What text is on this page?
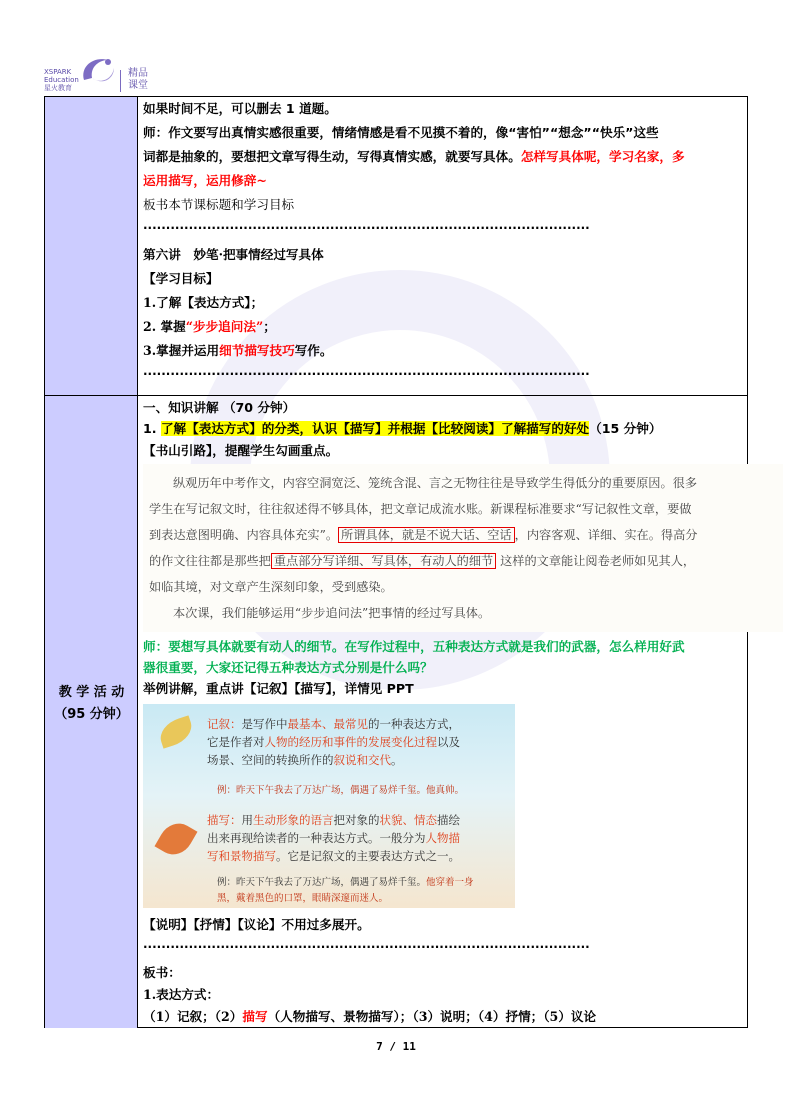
XSPARK
Education
星火教育
精品
课堂

如果时间不足，可以删去 1 道题。

师：作文要写出真情实感很重要，情绪情感是看不见摸不着的，像“害怕”“想念”“快乐”这些

词都是抽象的，要想把文章写得生动，写得真情实感，就要写具体。怎样写具体呢，学习名家，多

运用描写，运用修辞~

板书本节课标题和学习目标

··································································································

第六讲　妙笔·把事情经过写具体

【学习目标】

1.了解【表达方式】；

2. 掌握“步步追问法”；

3.掌握并运用细节描写技巧写作。

··································································································

教 学 活 动
（95 分钟）

一、知识讲解 （70 分钟）

1. 了解【表达方式】的分类，认识【描写】并根据【比较阅读】了解描写的好处（15 分钟）

【书山引路】，提醒学生勾画重点。

纵观历年中考作文，内容空洞宽泛、笼统含混、言之无物往往是导致学生得低分的重要原因。很多

学生在写记叙文时，往往叙述得不够具体，把文章记成流水账。新课程标准要求“写记叙性文章，要做

到表达意图明确、内容具体充实”。 所谓具体，就是不说大话、空话 ，内容客观、详细、实在。得高分

的作文往往都是那些把 重点部分写详细、写具体，有动人的细节 这样的文章能让阅卷老师如见其人，

如临其境，对文章产生深刻印象，受到感染。

本次课，我们能够运用“步步追问法”把事情的经过写具体。

师：要想写具体就要有动人的细节。在写作过程中，五种表达方式就是我们的武器，怎么样用好武

器很重要，大家还记得五种表达方式分别是什么吗？

举例讲解，重点讲【记叙】【描写】，详情见 PPT

记叙：是写作中最基本、最常见的一种表达方式，
它是作者对人物的经历和事件的发展变化过程以及
场景、空间的转换所作的叙说和交代。
例：昨天下午我去了万达广场，偶遇了易烊千玺。他真帅。
描写：用生动形象的语言把对象的状貌、情态描绘
出来再现给读者的一种表达方式。一般分为人物描
写和景物描写。它是记叙文的主要表达方式之一。
例：昨天下午我去了万达广场，偶遇了易烊千玺。他穿着一身
黑，戴着黑色的口罩，眼睛深邃而迷人。

【说明】【抒情】【议论】不用过多展开。

··································································································

板书：

1.表达方式：

（1）记叙；（2）描写（人物描写、景物描写）；（3）说明；（4）抒情；（5）议论

7 / 11
